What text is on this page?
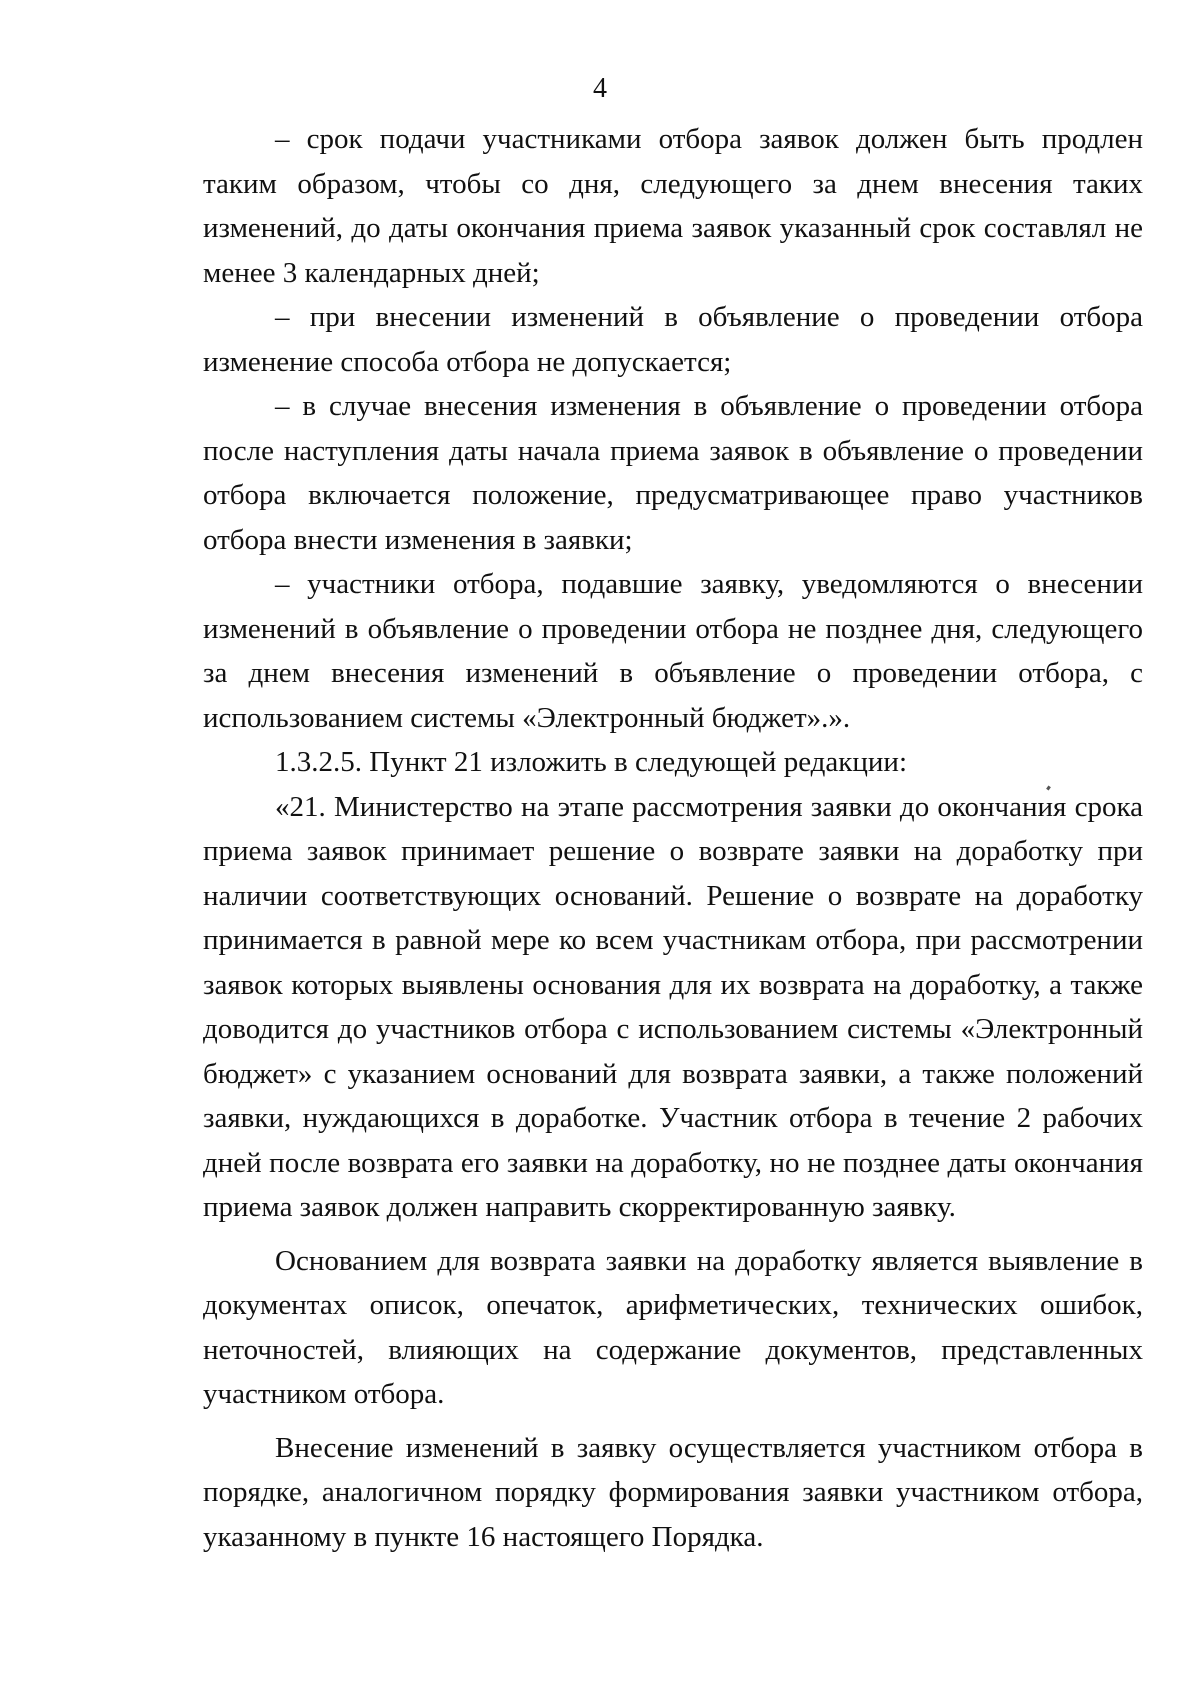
4

– срок подачи участниками отбора заявок должен быть продлен таким образом, чтобы со дня, следующего за днем внесения таких изменений, до даты окончания приема заявок указанный срок составлял не менее 3 календарных дней;

– при внесении изменений в объявление о проведении отбора изменение способа отбора не допускается;

– в случае внесения изменения в объявление о проведении отбора после наступления даты начала приема заявок в объявление о проведении отбора включается положение, предусматривающее право участников отбора внести изменения в заявки;

– участники отбора, подавшие заявку, уведомляются о внесении изменений в объявление о проведении отбора не позднее дня, следующего за днем внесения изменений в объявление о проведении отбора, с использованием системы «Электронный бюджет».».

1.3.2.5. Пункт 21 изложить в следующей редакции:

«21. Министерство на этапе рассмотрения заявки до окончания срока приема заявок принимает решение о возврате заявки на доработку при наличии соответствующих оснований. Решение о возврате на доработку принимается в равной мере ко всем участникам отбора, при рассмотрении заявок которых выявлены основания для их возврата на доработку, а также доводится до участников отбора с использованием системы «Электронный бюджет» с указанием оснований для возврата заявки, а также положений заявки, нуждающихся в доработке. Участник отбора в течение 2 рабочих дней после возврата его заявки на доработку, но не позднее даты окончания приема заявок должен направить скорректированную заявку.

Основанием для возврата заявки на доработку является выявление в документах описок, опечаток, арифметических, технических ошибок, неточностей, влияющих на содержание документов, представленных участником отбора.

Внесение изменений в заявку осуществляется участником отбора в порядке, аналогичном порядку формирования заявки участником отбора, указанному в пункте 16 настоящего Порядка.
